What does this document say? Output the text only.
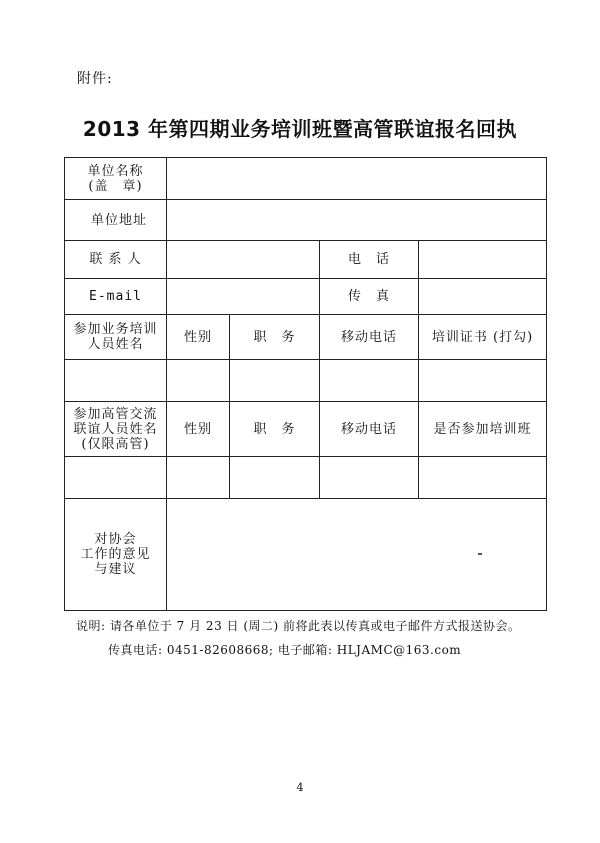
附件:
2013 年第四期业务培训班暨高管联谊报名回执
单位名称
(盖　章)				

单位地址				
联 系 人			电　话	
E-mail			传　真	
参加业务培训人员姓名	性别	职　务	移动电话	培训证书 (打勾)

参加高管交流联谊人员姓名(仅限高管)	性别	职　务	移动电话	是否参加培训班

对协会
工作的意见
与建议				

说明: 请各单位于 7 月 23 日 (周二) 前将此表以传真或电子邮件方式报送协会。
传真电话: 0451-82608668; 电子邮箱: HLJAMC@163.com
4
